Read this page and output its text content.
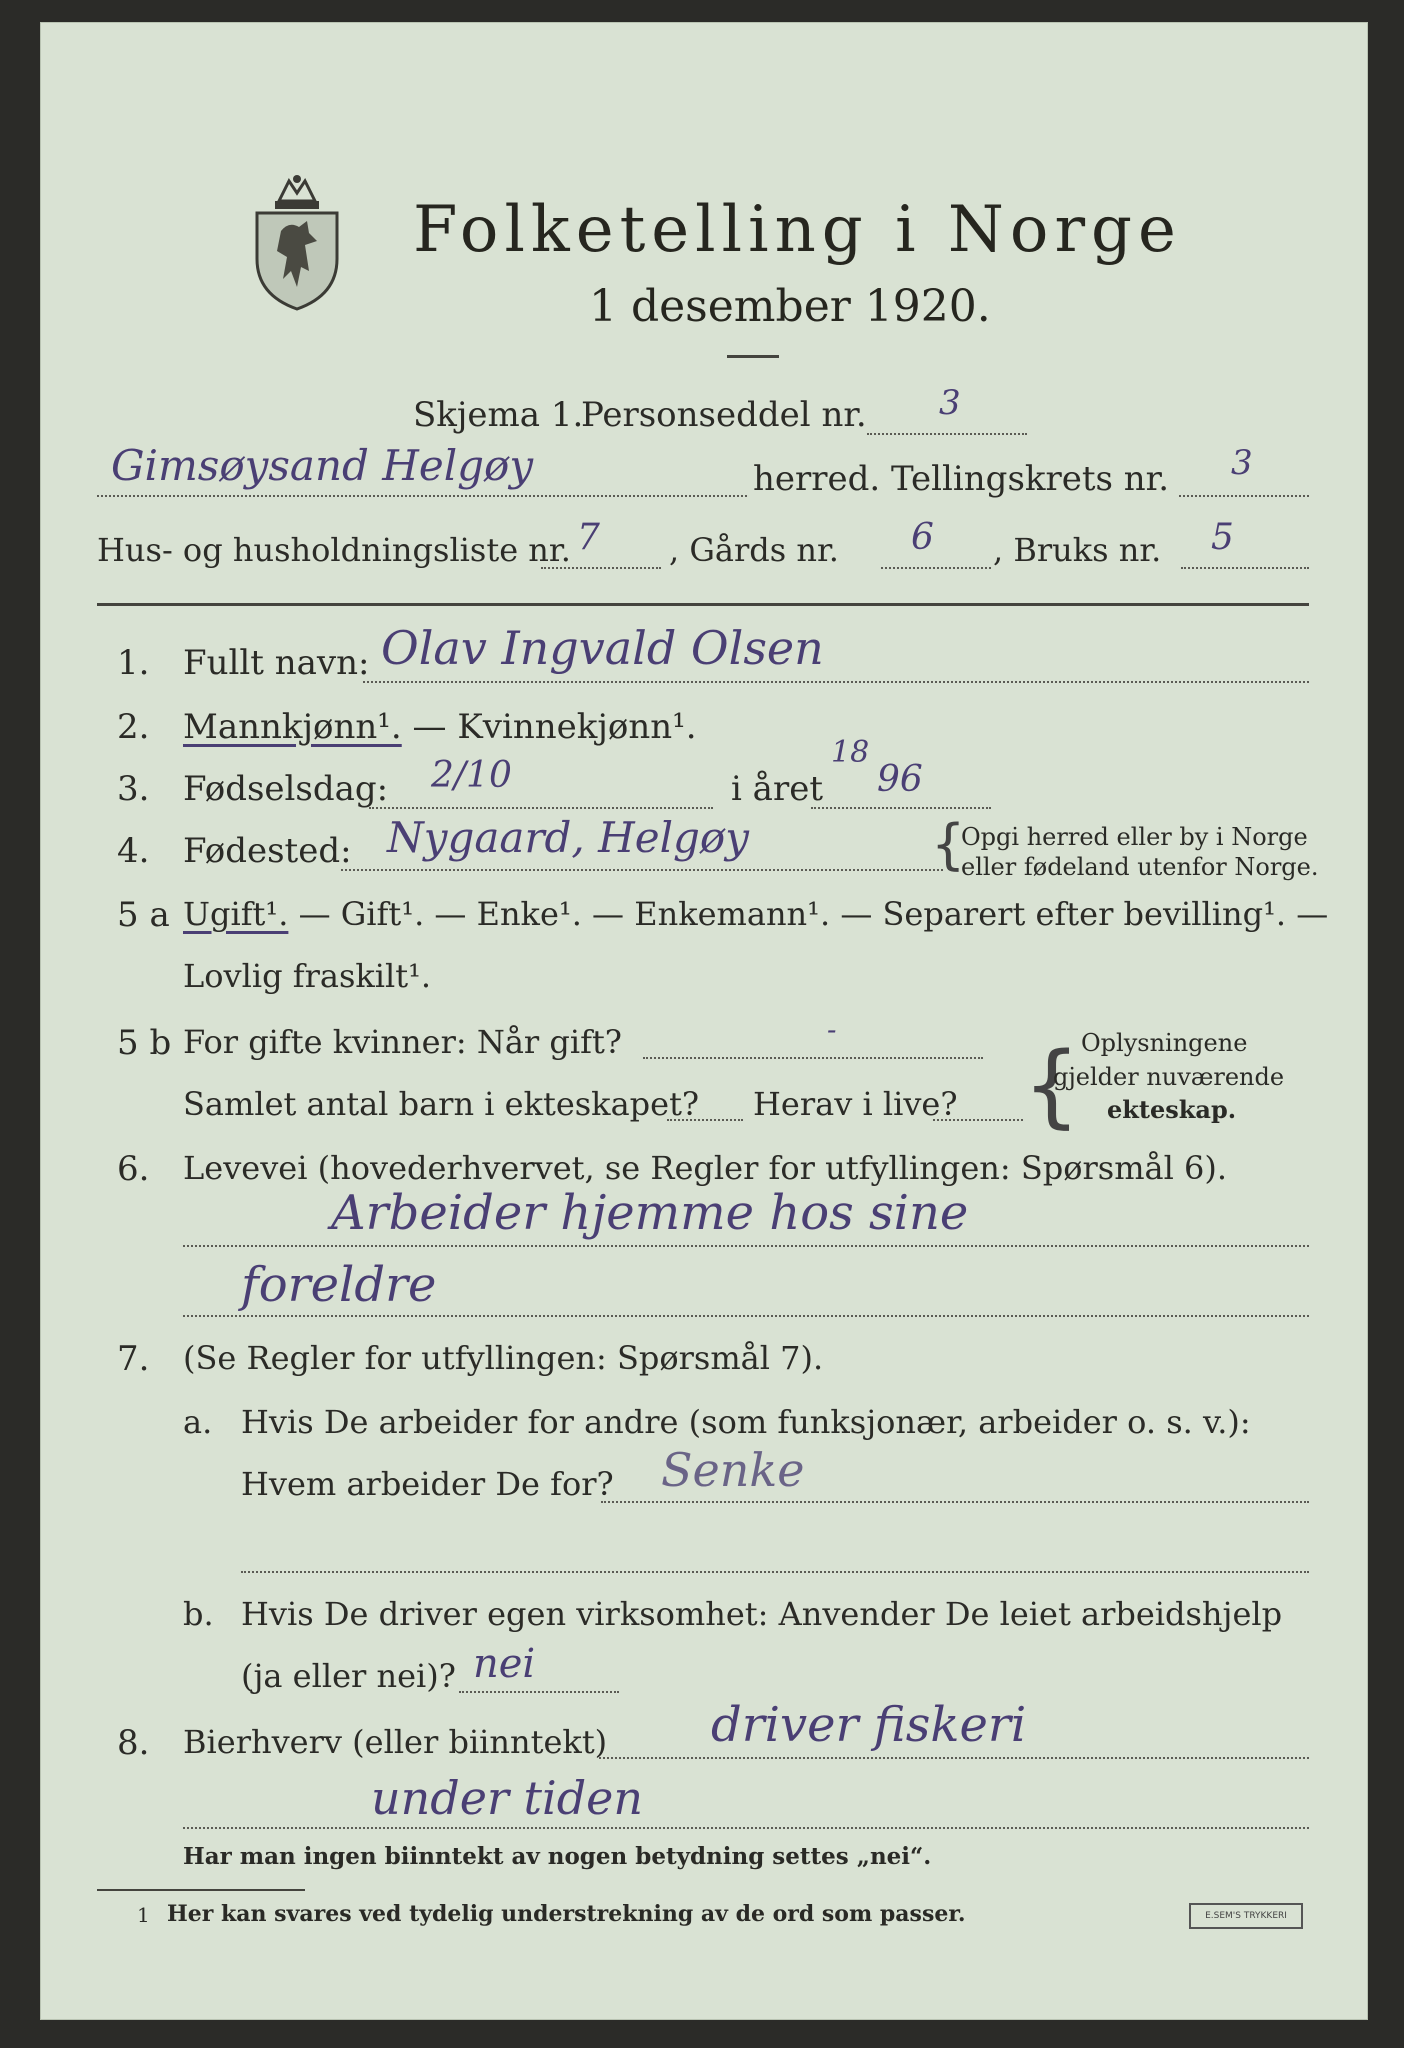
Folketelling i Norge
1 desember 1920.
Skjema 1.
Personseddel nr. 3
Gimsøysand Helgøy	herred. Tellingskrets nr. 3
Hus- og husholdningsliste nr. 7 , Gårds nr. 6 , Bruks nr. 5
1. Fullt navn: Olav Ingvald Olsen
2. Mannkjønn¹. — Kvinnekjønn¹.
3. Fødselsdag: 2/10	i året
18
96
4. Fødested: Nygaard, Helgøy	{
Opgi herred eller by i Norge
eller fødeland utenfor Norge.
5 a Ugift¹. — Gift¹. — Enke¹. — Enkemann¹. — Separert efter bevilling¹. —
Lovlig fraskilt¹.
5 b For gifte kvinner: Når gift?	-
Samlet antal barn i ekteskapet? Herav i live? { Oplysningene
gjelder nuværende
ekteskap.
6. Levevei (hovederhvervet, se Regler for utfyllingen: Spørsmål 6).
Arbeider hjemme hos sine
foreldre
7. (Se Regler for utfyllingen: Spørsmål 7).
a. Hvis De arbeider for andre (som funksjonær, arbeider o. s. v.):
Hvem arbeider De for? Senke
b. Hvis De driver egen virksomhet: Anvender De leiet arbeidshjelp
(ja eller nei)? nei
8. Bierhverv (eller biinntekt) driver fiskeri
under tiden
Har man ingen biinntekt av nogen betydning settes „nei“.
1 Her kan svares ved tydelig understrekning av de ord som passer.	E.SEM'S TRYKKERI
